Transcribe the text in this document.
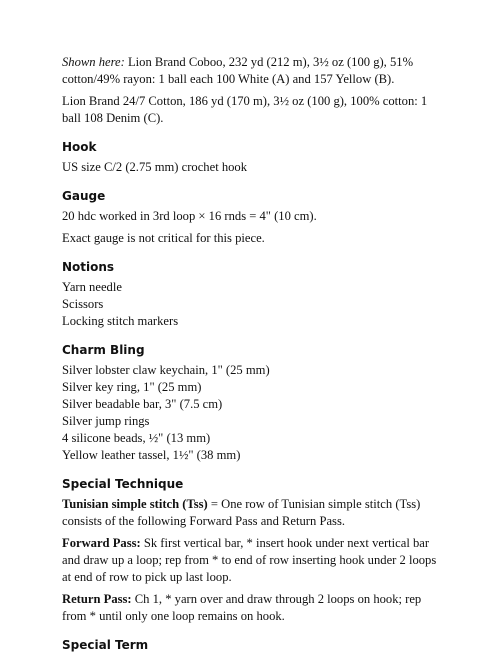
Shown here: Lion Brand Coboo, 232 yd (212 m), 3½ oz (100 g), 51%
cotton/49% rayon: 1 ball each 100 White (A) and 157 Yellow (B).
Lion Brand 24/7 Cotton, 186 yd (170 m), 3½ oz (100 g), 100% cotton: 1
ball 108 Denim (C).
Hook
US size C/2 (2.75 mm) crochet hook
Gauge
20 hdc worked in 3rd loop × 16 rnds = 4" (10 cm).
Exact gauge is not critical for this piece.
Notions
Yarn needle
Scissors
Locking stitch markers
Charm Bling
Silver lobster claw keychain, 1" (25 mm)
Silver key ring, 1" (25 mm)
Silver beadable bar, 3" (7.5 cm)
Silver jump rings
4 silicone beads, ½" (13 mm)
Yellow leather tassel, 1½" (38 mm)
Special Technique
Tunisian simple stitch (Tss) = One row of Tunisian simple stitch (Tss)
consists of the following Forward Pass and Return Pass.
Forward Pass: Sk first vertical bar, * insert hook under next vertical bar
and draw up a loop; rep from * to end of row inserting hook under 2 loops
at end of row to pick up last loop.
Return Pass: Ch 1, * yarn over and draw through 2 loops on hook; rep
from * until only one loop remains on hook.
Special Term
